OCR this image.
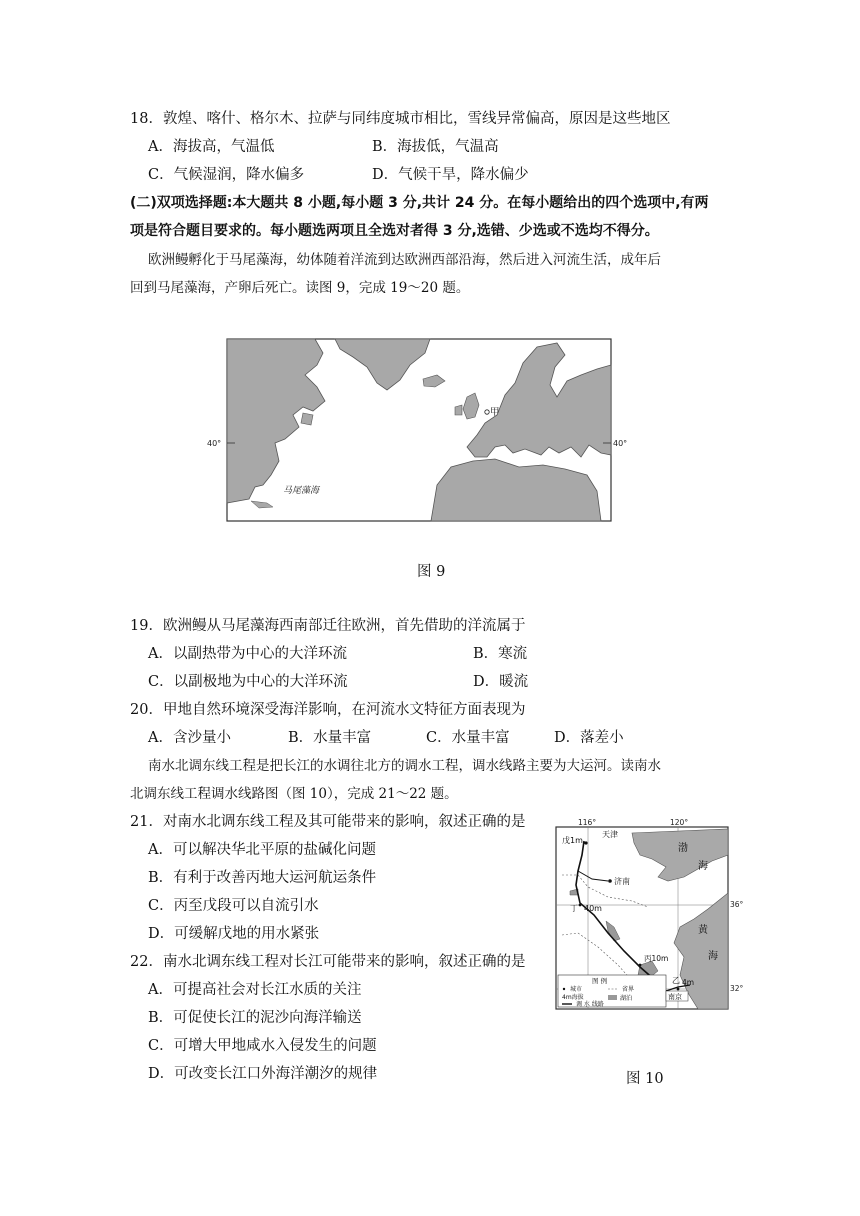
18．敦煌、喀什、格尔木、拉萨与同纬度城市相比，雪线异常偏高，原因是这些地区
A．海拔高，气温低	B．海拔低，气温高
C．气候湿润，降水偏多	D．气候干旱，降水偏少
(二)双项选择题:本大题共 8 小题,每小题 3 分,共计 24 分。在每小题给出的四个选项中,有两
项是符合题目要求的。每小题选两项且全选对者得 3 分,选错、少选或不选均不得分。
欧洲鳗孵化于马尾藻海，幼体随着洋流到达欧洲西部沿海，然后进入河流生活，成年后
回到马尾藻海，产卵后死亡。读图 9，完成 19～20 题。
40°	40°
马尾藻海
甲
图 9
19．欧洲鳗从马尾藻海西南部迁往欧洲，首先借助的洋流属于
A．以副热带为中心的大洋环流	B．寒流
C．以副极地为中心的大洋环流	D．暖流
20．甲地自然环境深受海洋影响，在河流水文特征方面表现为
A．含沙量小	B．水量丰富	C．水量丰富	D．落差小
南水北调东线工程是把长江的水调往北方的调水工程，调水线路主要为大运河。读南水
北调东线工程调水线路图（图 10），完成 21～22 题。
21．对南水北调东线工程及其可能带来的影响，叙述正确的是
A．可以解决华北平原的盐碱化问题
B．有利于改善丙地大运河航运条件
C．丙至戊段可以自流引水
D．可缓解戊地的用水紧张
22．南水北调东线工程对长江可能带来的影响，叙述正确的是
A．可提高社会对长江水质的关注
B．可促使长江的泥沙向海洋输送
C．可增大甲地咸水入侵发生的问题
D．可改变长江口外海洋潮汐的规律
116°	120°
36°
32°
渤
海
黄
海
天津
戊1m
济南
丁 40m
丙10m
乙 4m
图 例
城市	省界
4m海拔	湖泊
调 水 线路
南京
图 10
